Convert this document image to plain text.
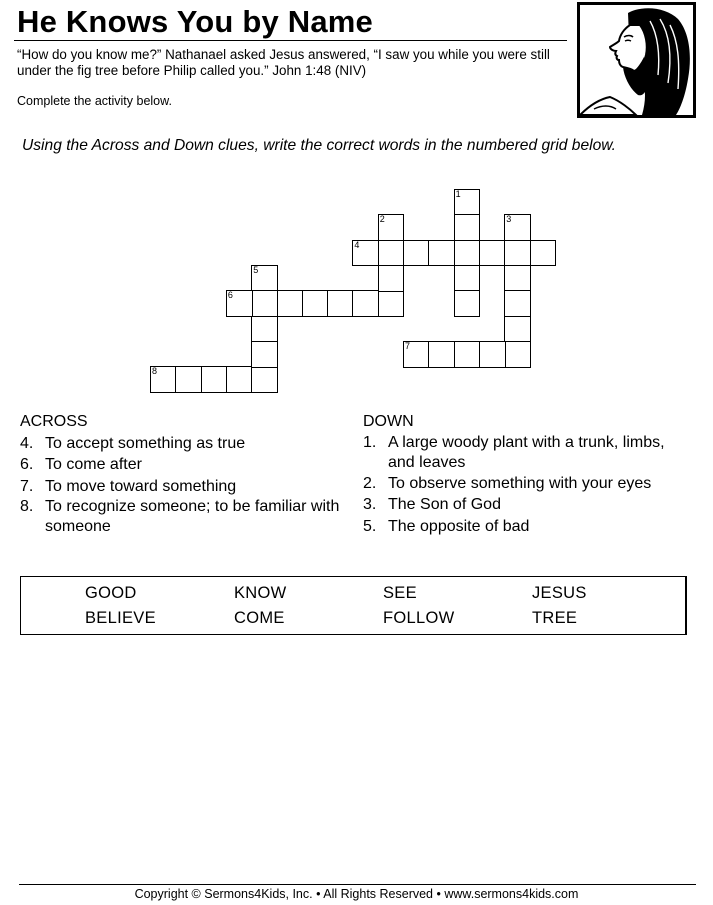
He Knows You by Name
“How do you know me?” Nathanael asked Jesus answered, “I saw you while you were still under the fig tree before Philip called you.” John 1:48 (NIV)
Complete the activity below.
Using the Across and Down clues, write the correct words in the numbered grid below.
8
5
6
2
4
1
3
7
ACROSS
4. To accept something as true
6. To come after
7. To move toward something
8. To recognize someone; to be familiar with someone
DOWN
1. A large woody plant with a trunk, limbs, and leaves
2. To observe something with your eyes
3. The Son of God
5. The opposite of bad
GOOD	KNOW	SEE	JESUS
BELIEVE	COME	FOLLOW	TREE
Copyright © Sermons4Kids, Inc. • All Rights Reserved • www.sermons4kids.com
